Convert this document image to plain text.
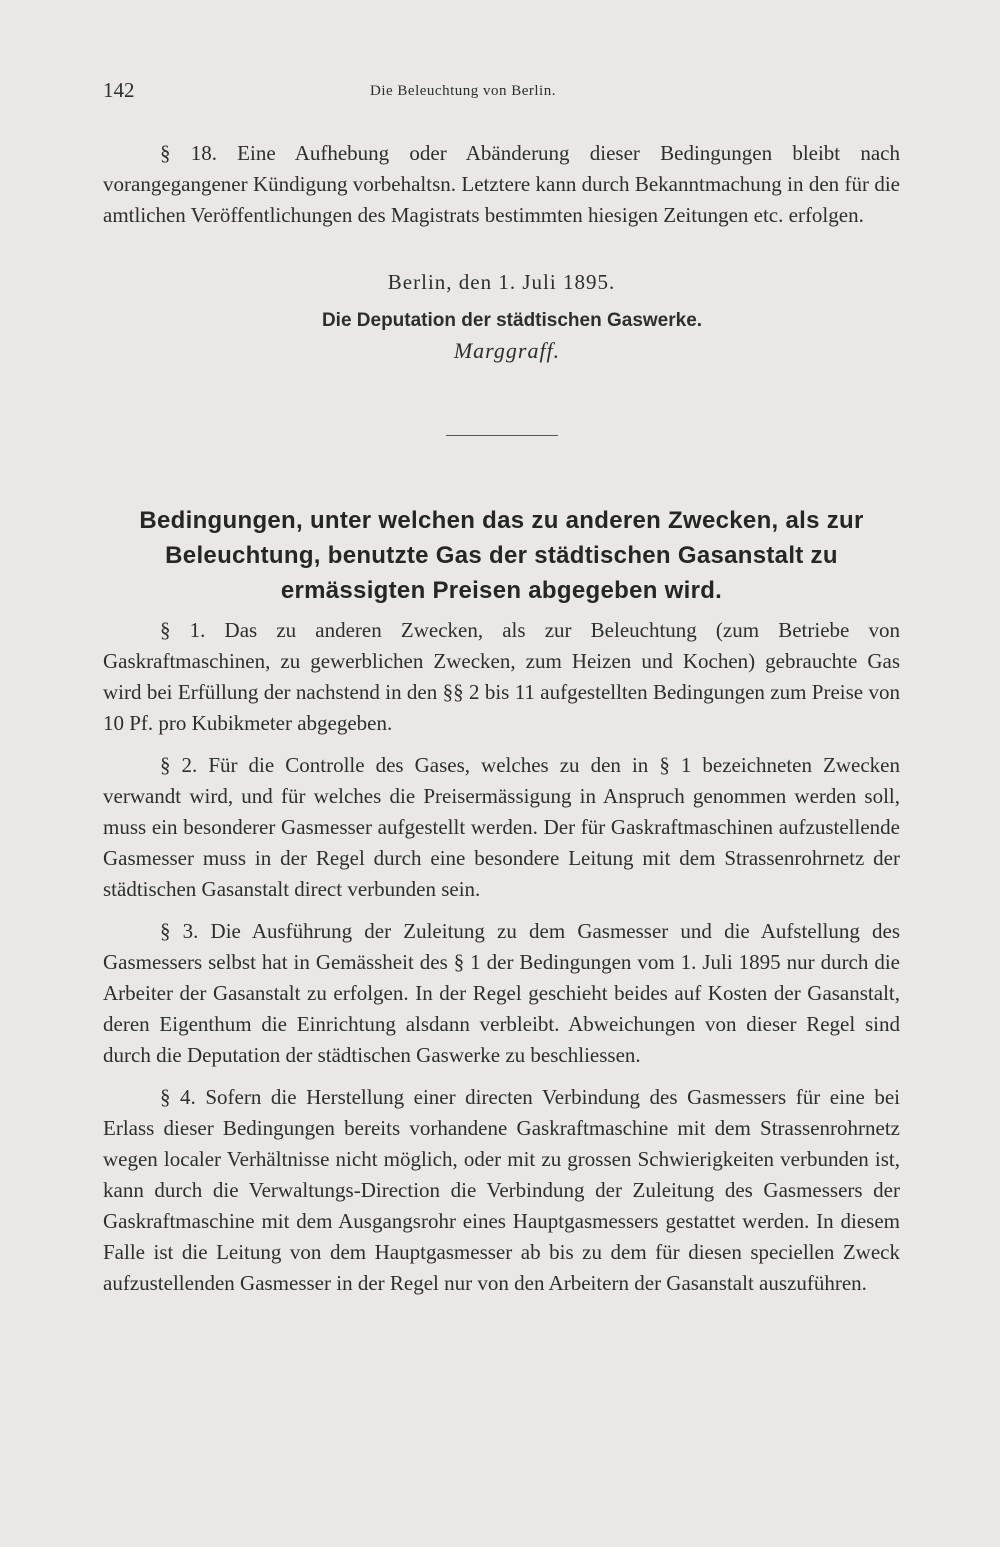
142	Die Beleuchtung von Berlin.

§ 18. Eine Aufhebung oder Abänderung dieser Bedingungen bleibt nach vorangegangener Kündigung vorbehaltsn. Letztere kann durch Bekanntmachung in den für die amtlichen Veröffentlichungen des Magistrats bestimmten hiesigen Zeitungen etc. erfolgen.

Berlin, den 1. Juli 1895.
Die Deputation der städtischen Gaswerke.
Marggraff.
Bedingungen, unter welchen das zu anderen Zwecken, als zur Beleuchtung, benutzte Gas der städtischen Gasanstalt zu ermässigten Preisen abgegeben wird.

§ 1. Das zu anderen Zwecken, als zur Beleuchtung (zum Betriebe von Gaskraftmaschinen, zu gewerblichen Zwecken, zum Heizen und Kochen) gebrauchte Gas wird bei Erfüllung der nachstend in den §§ 2 bis 11 aufgestellten Bedingungen zum Preise von 10 Pf. pro Kubikmeter abgegeben.

§ 2. Für die Controlle des Gases, welches zu den in § 1 bezeichneten Zwecken verwandt wird, und für welches die Preisermässigung in Anspruch genommen werden soll, muss ein besonderer Gasmesser aufgestellt werden. Der für Gaskraftmaschinen aufzustellende Gasmesser muss in der Regel durch eine besondere Leitung mit dem Strassenrohrnetz der städtischen Gasanstalt direct verbunden sein.

§ 3. Die Ausführung der Zuleitung zu dem Gasmesser und die Aufstellung des Gasmessers selbst hat in Gemässheit des § 1 der Bedingungen vom 1. Juli 1895 nur durch die Arbeiter der Gasanstalt zu erfolgen. In der Regel geschieht beides auf Kosten der Gasanstalt, deren Eigenthum die Einrichtung alsdann verbleibt. Abweichungen von dieser Regel sind durch die Deputation der städtischen Gaswerke zu beschliessen.

§ 4. Sofern die Herstellung einer directen Verbindung des Gasmessers für eine bei Erlass dieser Bedingungen bereits vorhandene Gaskraftmaschine mit dem Strassenrohrnetz wegen localer Verhältnisse nicht möglich, oder mit zu grossen Schwierigkeiten verbunden ist, kann durch die Verwaltungs-Direction die Verbindung der Zuleitung des Gasmessers der Gaskraftmaschine mit dem Ausgangsrohr eines Hauptgasmessers gestattet werden. In diesem Falle ist die Leitung von dem Hauptgasmesser ab bis zu dem für diesen speciellen Zweck aufzustellenden Gasmesser in der Regel nur von den Arbeitern der Gasanstalt auszuführen.
